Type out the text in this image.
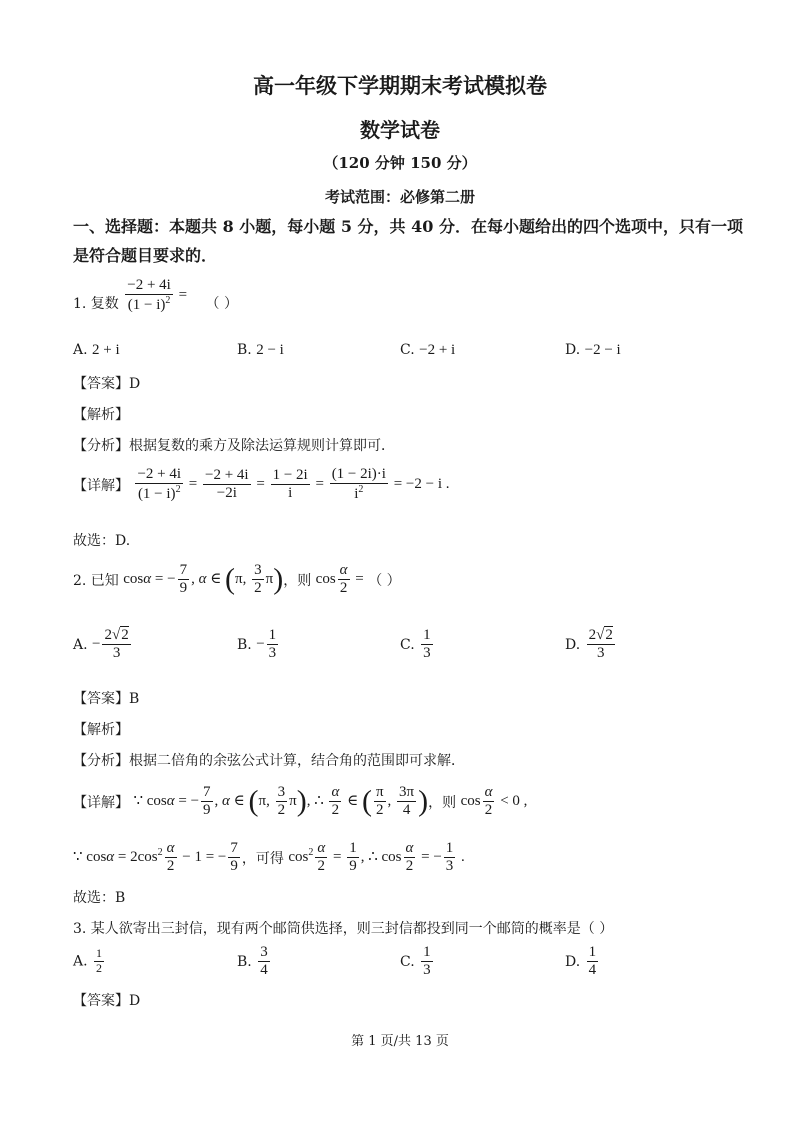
高一年级下学期期末考试模拟卷
数学试卷
（120 分钟 150 分）
考试范围：必修第二册
一、选择题：本题共 8 小题，每小题 5 分，共 40 分．在每小题给出的四个选项中，只有一项
是符合题目要求的．
1. 复数 $\frac{-2 + 4i}{(1 - i)^2}$ = （ ）
A. 2 + i	B. 2 − i	C. −2 + i	D. −2 − i
【答案】D
【解析】
【分析】根据复数的乘方及除法运算规则计算即可．
【详解】 $\frac{-2 + 4i}{(1 - i)^2} = \frac{-2 + 4i}{-2i} = \frac{1 - 2i}{i} = \frac{(1 - 2i)\cdot i}{i^2} = -2 - i$ .
故选：D.
2. 已知 cosα = − $\frac{7}{9}$ , α ∈ (π, $\frac{3}{2} \pi$)，则 $\cos \frac{\alpha}{2}$ = （ ）
A. − $\frac{2√2}{3}$	B. − $\frac{1}{3}$	C. $\frac{1}{3}$	D. $\frac{2√2}{3}$
【答案】B
【解析】
【分析】根据二倍角的余弦公式计算，结合角的范围即可求解．
【详解】 ∵ cosα = − $\frac{7}{9}$ , α ∈ (π, $\frac{3}{2} \pi$), ∴ $\frac{\alpha}{2}$ ∈ ( $\frac{\pi}{2}$ , $\frac{3\pi}{4}$ )，则 $\cos \frac{\alpha}{2} < 0$ ,
∵ $\cos\alpha = 2\cos^2 \frac{\alpha}{2} - 1$ = − $\frac{7}{9}$ ，可得 $\cos^2 \frac{\alpha}{2} = \frac{1}{9}$ , ∴ $\cos \frac{\alpha}{2}$ = − $\frac{1}{3}$ .
故选：B
3. 某人欲寄出三封信，现有两个邮筒供选择，则三封信都投到同一个邮筒的概率是（ ）
A. $\frac{1}{2}$	B. $\frac{3}{4}$	C. $\frac{1}{3}$	D. $\frac{1}{4}$
【答案】D
第 1 页/共 13 页
